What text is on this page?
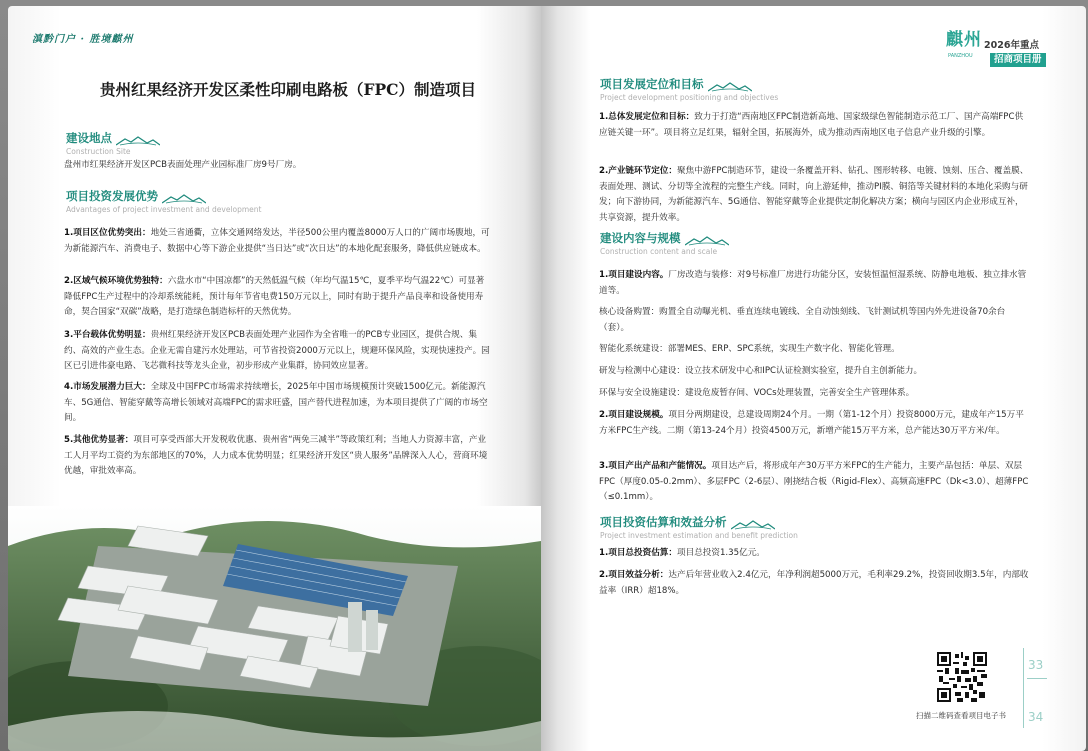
滇黔门户 · 胜境麒州
贵州红果经济开发区柔性印刷电路板（FPC）制造项目
建设地点
Construction Site
盘州市红果经济开发区PCB表面处理产业园标准厂房9号厂房。
项目投资发展优势
Advantages of project investment and development
1.项目区位优势突出：地处三省通衢，立体交通网络发达，半径500公里内覆盖8000万人口的广阔市场腹地，可为新能源汽车、消费电子、数据中心等下游企业提供“当日达”或“次日达”的本地化配套服务，降低供应链成本。
2.区域气候环境优势独特：六盘水市“中国凉都”的天然低温气候（年均气温15℃，夏季平均气温22℃）可显著降低FPC生产过程中的冷却系统能耗，预计每年节省电费150万元以上，同时有助于提升产品良率和设备使用寿命，契合国家“双碳”战略，是打造绿色制造标杆的天然优势。
3.平台载体优势明显：贵州红果经济开发区PCB表面处理产业园作为全省唯一的PCB专业园区，提供合规、集约、高效的产业生态。企业无需自建污水处理站，可节省投资2000万元以上，规避环保风险，实现快速投产。园区已引进伟豪电路、飞芯微科技等龙头企业，初步形成产业集群，协同效应显著。
4.市场发展潜力巨大：全球及中国FPC市场需求持续增长，2025年中国市场规模预计突破1500亿元。新能源汽车、5G通信、智能穿戴等高增长领域对高端FPC的需求旺盛，国产替代进程加速，为本项目提供了广阔的市场空间。
5.其他优势显著：项目可享受西部大开发税收优惠、贵州省“两免三减半”等政策红利；当地人力资源丰富，产业工人月平均工资约为东部地区的70%，人力成本优势明显；红果经济开发区“贵人服务”品牌深入人心，营商环境优越，审批效率高。
麒州
PANZHOU
2026年重点
招商项目册
项目发展定位和目标
Project development positioning and objectives
1.总体发展定位和目标：致力于打造“西南地区FPC制造新高地、国家级绿色智能制造示范工厂、国产高端FPC供应链关键一环”。项目将立足红果，辐射全国，拓展海外，成为推动西南地区电子信息产业升级的引擎。
2.产业链环节定位：聚焦中游FPC制造环节，建设一条覆盖开料、钻孔、图形转移、电镀、蚀刻、压合、覆盖膜、表面处理、测试、分切等全流程的完整生产线。同时，向上游延伸，推动PI膜、铜箔等关键材料的本地化采购与研发；向下游协同，为新能源汽车、5G通信、智能穿戴等企业提供定制化解决方案；横向与园区内企业形成互补，共享资源，提升效率。
建设内容与规模
Construction content and scale
1.项目建设内容。厂房改造与装修：对9号标准厂房进行功能分区，安装恒温恒湿系统、防静电地板、独立排水管道等。
核心设备购置：购置全自动曝光机、垂直连续电镀线、全自动蚀刻线、飞针测试机等国内外先进设备70余台（套）。
智能化系统建设：部署MES、ERP、SPC系统，实现生产数字化、智能化管理。
研发与检测中心建设：设立技术研发中心和IPC认证检测实验室，提升自主创新能力。
环保与安全设施建设：建设危废暂存间、VOCs处理装置，完善安全生产管理体系。
2.项目建设规模。项目分两期建设，总建设周期24个月。一期（第1-12个月）投资8000万元，建成年产15万平方米FPC生产线。二期（第13-24个月）投资4500万元，新增产能15万平方米，总产能达30万平方米/年。
3.项目产出产品和产能情况。项目达产后，将形成年产30万平方米FPC的生产能力，主要产品包括：单层、双层FPC（厚度0.05-0.2mm）、多层FPC（2-6层）、刚挠结合板（Rigid-Flex）、高频高速FPC（Dk<3.0）、超薄FPC（≤0.1mm）。
项目投资估算和效益分析
Project investment estimation and benefit prediction
1.项目总投资估算：项目总投资1.35亿元。
2.项目效益分析：达产后年营业收入2.4亿元，年净利润超5000万元，毛利率29.2%，投资回收期3.5年，内部收益率（IRR）超18%。
扫描二维码查看项目电子书
33
34
